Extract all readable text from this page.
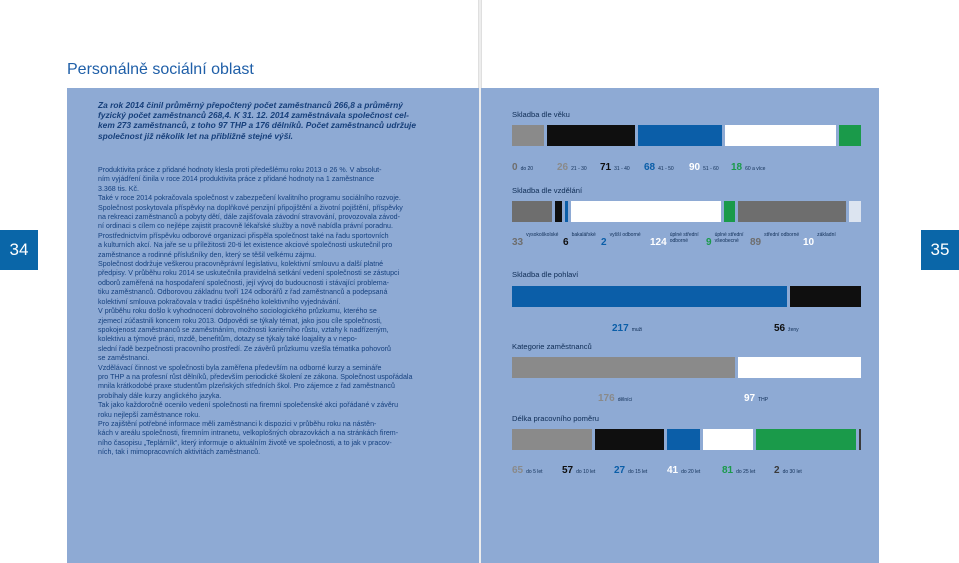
Personálně sociální oblast
Za rok 2014 činil průměrný přepočtený počet zaměstnanců 266,8 a průměrný
fyzický počet zaměstnanců 268,4. K 31. 12. 2014 zaměstnávala společnost cel-
kem 273 zaměstnanců, z toho 97 THP a 176 dělníků. Počet zaměstnanců udržuje
společnost již několik let na přibližně stejné výši.

Produktivita práce z přidané hodnoty klesla proti předešlému roku 2013 o 26 %. V absolut-

ním vyjádření činila v roce 2014 produktivita práce z přidané hodnoty na 1 zaměstnance

3.368 tis. Kč.

Také v roce 2014 pokračovala společnost v zabezpečení kvalitního programu sociálního rozvoje.

Společnost poskytovala příspěvky na doplňkové penzijní připojištění a životní pojištění, příspěvky

na rekreaci zaměstnanců a pobyty dětí, dále zajišťovala závodní stravování, provozovala závod-

ní ordinaci s cílem co nejlépe zajistit pracovně lékařské služby a nově nabídla právní poradnu.

Prostřednictvím příspěvku odborové organizaci přispěla společnost také na řadu sportovních

a kulturních akcí. Na jaře se u příležitosti 20-ti let existence akciové společnosti uskutečnil pro

zaměstnance a rodinné příslušníky den, který se těšil velkému zájmu.

Společnost dodržuje veškerou pracovněprávní legislativu, kolektivní smlouvu a další platné

předpisy. V průběhu roku 2014 se uskutečnila pravidelná setkání vedení společnosti se zástupci

odborů zaměřená na hospodaření společnosti, její vývoj do budoucnosti i stávající problema-

tiku zaměstnanců. Odborovou základnu tvoří 124 odborářů z řad zaměstnanců a podepsaná

kolektivní smlouva pokračovala v tradici úspěšného kolektivního vyjednávání.

V průběhu roku došlo k vyhodnocení dobrovolného sociologického průzkumu, kterého se

zjemecí zúčastnili koncem roku 2013. Odpovědi se týkaly témat, jako jsou cíle společnosti,

spokojenost zaměstnanců se zaměstnáním, možnosti kariérního růstu, vztahy k nadřízeným,

kolektivu a týmové práci, mzdě, benefitům, dotazy se týkaly také loajality a v nepo-

slední řadě bezpečnosti pracovního prostředí. Ze závěrů průzkumu vzešla tématika pohovorů

se zaměstnanci.

Vzdělávací činnost ve společnosti byla zaměřena především na odborné kurzy a semináře

pro THP a na profesní růst dělníků, především periodické školení ze zákona. Společnost uspořádala

mnila krátkodobé praxe studentům plzeňských středních škol. Pro zájemce z řad zaměstnanců

probíhaly dále kurzy anglického jazyka.

Tak jako každoročně ocenilo vedení společnosti na firemní společenské akci pořádané v závěru

roku nejlepší zaměstnance roku.

Pro zajištění potřebné informace měli zaměstnanci k dispozici v průběhu roku na nástěn-

kách v areálu společnosti, firemním intranetu, velkoplošných obrazovkách a na stránkách firem-

ního časopisu „Teplárník“, který informuje o aktuálním životě ve společnosti, a to jak v pracov-

ních, tak i mimopracovních aktivitách zaměstnanců.

34	35
Skladba dle věku
0 do 20 26 21 - 30 71 31 - 40 68 41 - 50 90 51 - 60 18 60 a více
Skladba dle vzdělání
33vysokoškolské
6bakalářské
2vyšší odborné
124úplné střední odborné	9úplné střední všeobecné	89střední odborné
10základní
Skladba dle pohlaví
217 muži	56 ženy
Kategorie zaměstnanců
176 dělníci	97 THP
Délka pracovního poměru
65 do 5 let 57 do 10 let 27 do 15 let 41 do 20 let 81 do 25 let 2 do 30 let
